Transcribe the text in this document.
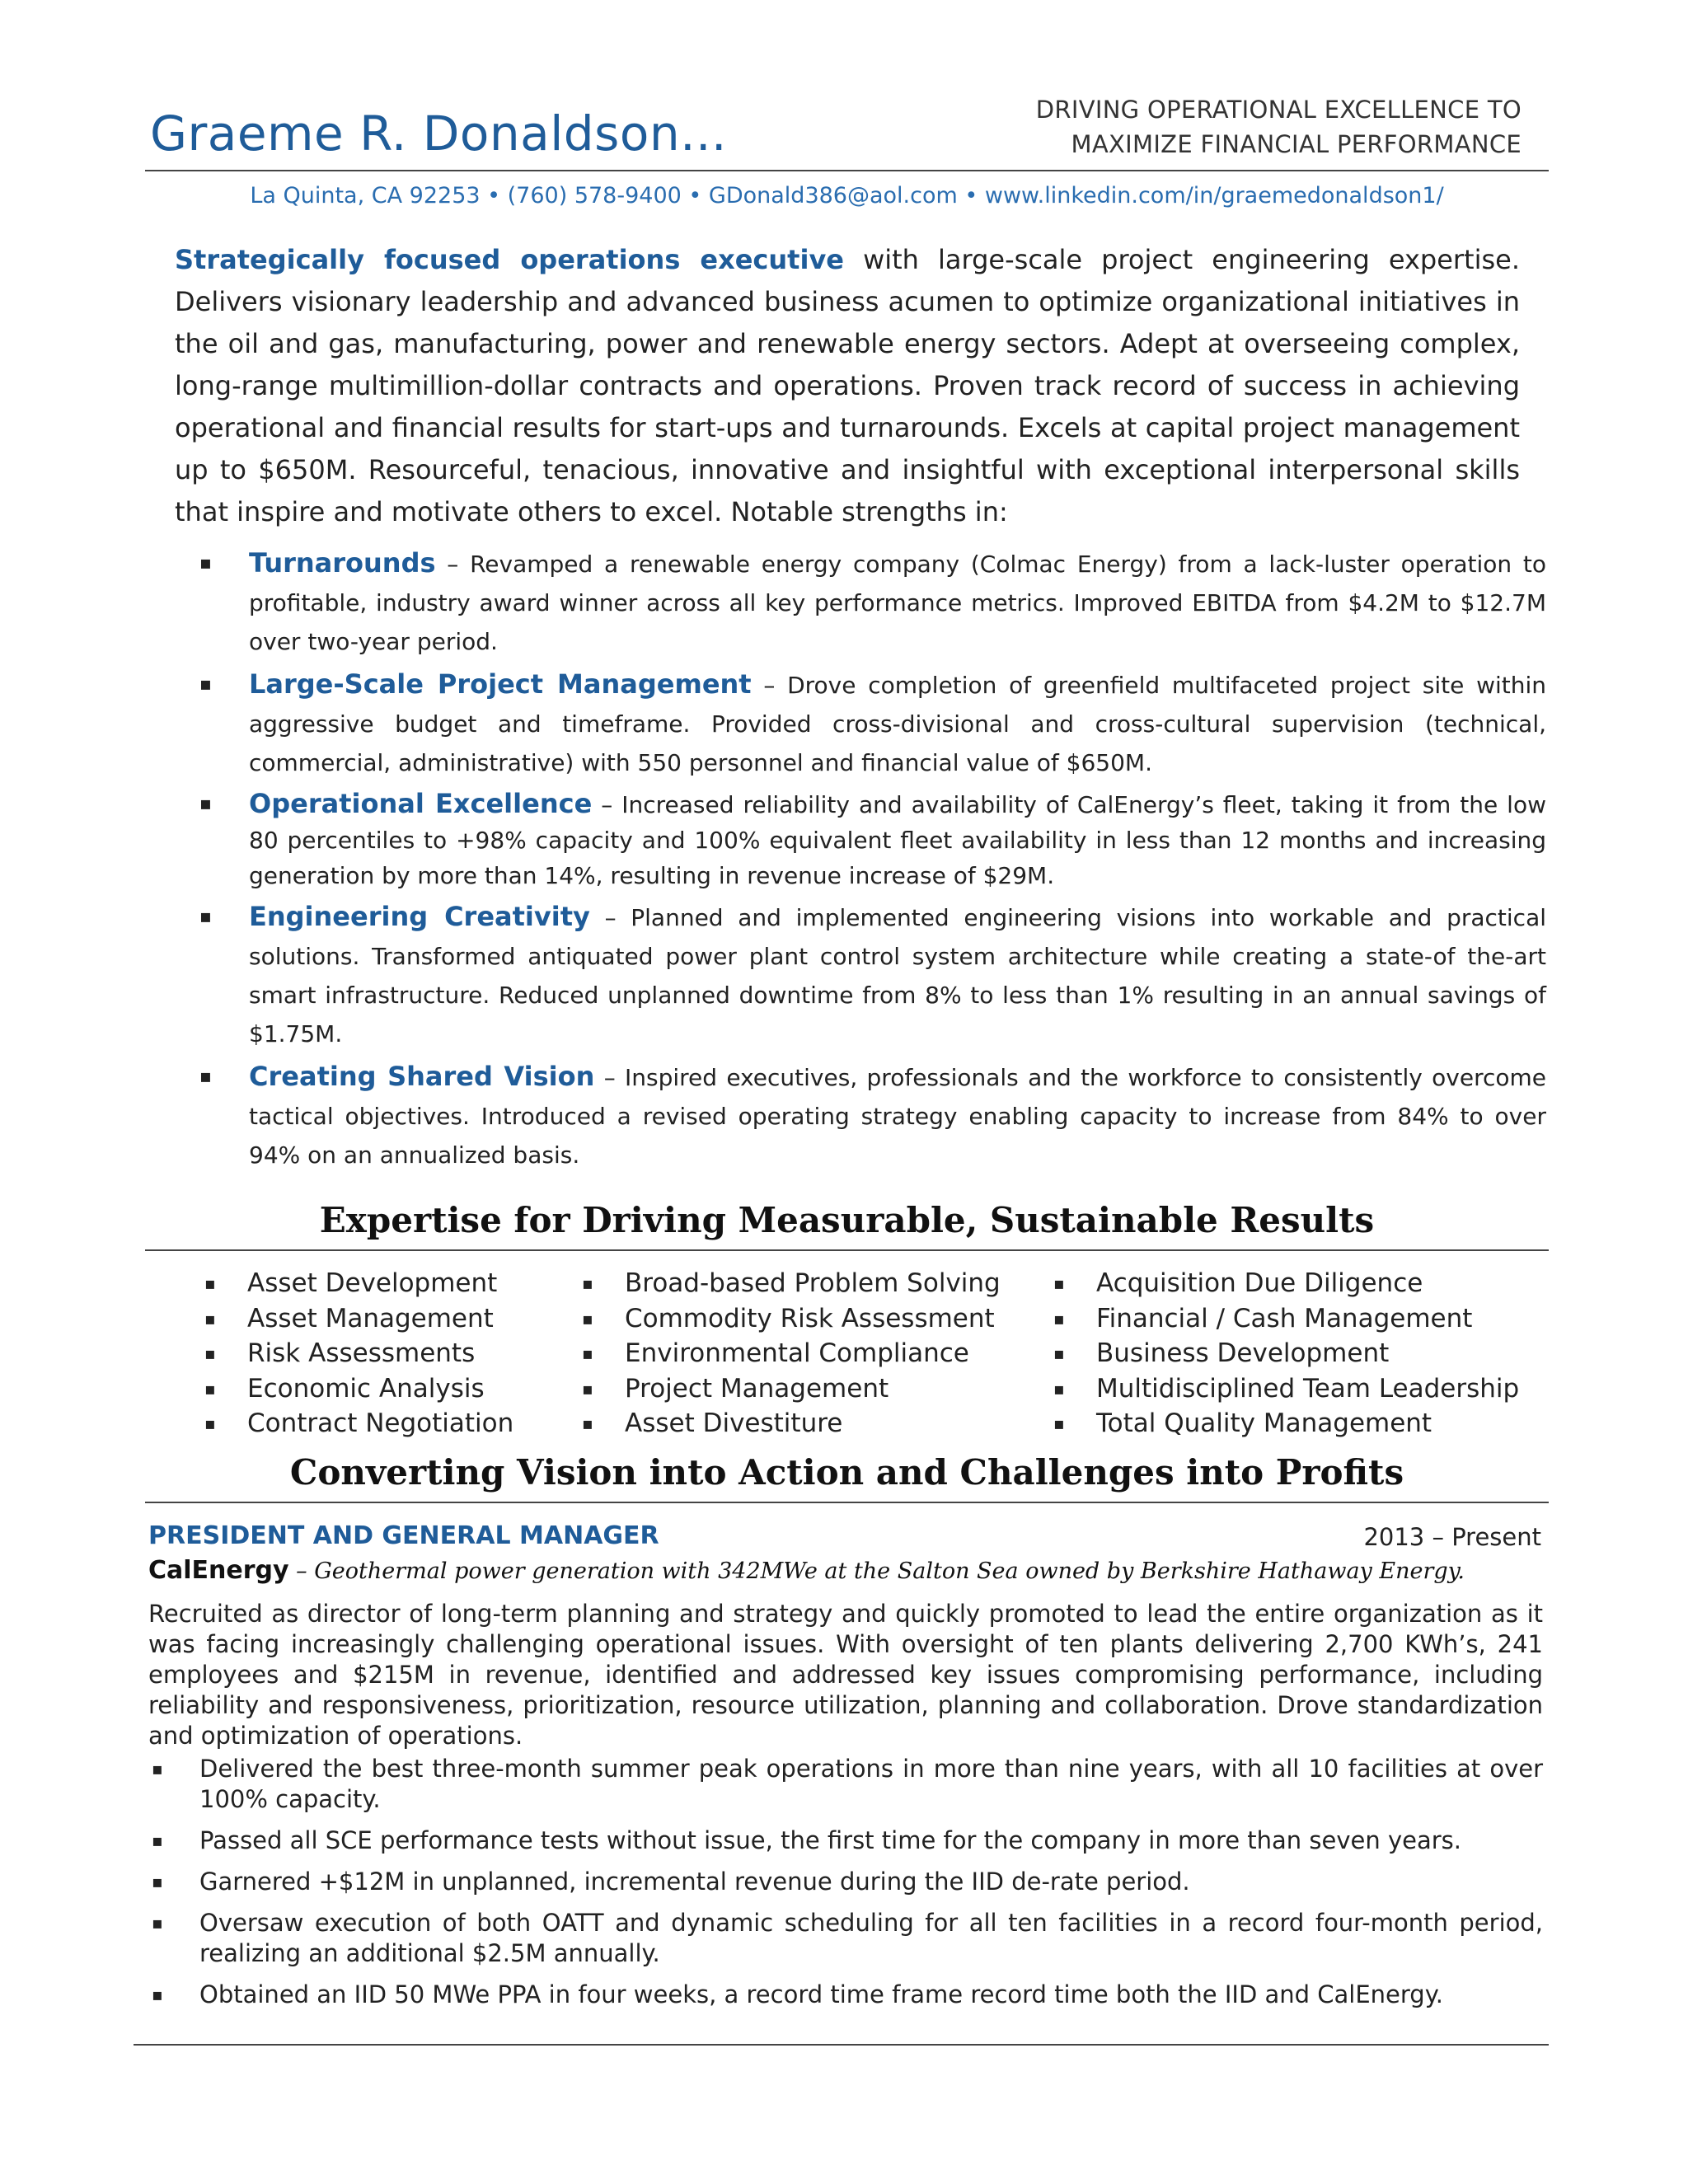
Graeme R. Donaldson...	DRIVING OPERATIONAL EXCELLENCE TO
MAXIMIZE FINANCIAL PERFORMANCE
La Quinta, CA 92253 • (760) 578-9400 • GDonald386@aol.com • www.linkedin.com/in/graemedonaldson1/
Strategically focused operations executive with large-scale project engineering expertise. Delivers visionary leadership and advanced business acumen to optimize organizational initiatives in the oil and gas, manufacturing, power and renewable energy sectors. Adept at overseeing complex, long-range multimillion-dollar contracts and operations. Proven track record of success in achieving operational and financial results for start-ups and turnarounds. Excels at capital project management up to $650M. Resourceful, tenacious, innovative and insightful with exceptional interpersonal skills that inspire and motivate others to excel. Notable strengths in:
▪ Turnarounds – Revamped a renewable energy company (Colmac Energy) from a lack-luster operation to profitable, industry award winner across all key performance metrics. Improved EBITDA from $4.2M to $12.7M over two-year period.
▪ Large-Scale Project Management – Drove completion of greenfield multifaceted project site within aggressive budget and timeframe. Provided cross-divisional and cross-cultural supervision (technical, commercial, administrative) with 550 personnel and financial value of $650M.
▪ Operational Excellence – Increased reliability and availability of CalEnergy’s fleet, taking it from the low 80 percentiles to +98% capacity and 100% equivalent fleet availability in less than 12 months and increasing generation by more than 14%, resulting in revenue increase of $29M.
▪ Engineering Creativity – Planned and implemented engineering visions into workable and practical solutions. Transformed antiquated power plant control system architecture while creating a state-of the-art smart infrastructure. Reduced unplanned downtime from 8% to less than 1% resulting in an annual savings of $1.75M.
▪ Creating Shared Vision – Inspired executives, professionals and the workforce to consistently overcome tactical objectives. Introduced a revised operating strategy enabling capacity to increase from 84% to over 94% on an annualized basis.
Expertise for Driving Measurable, Sustainable Results
▪ Asset Development
▪ Asset Management
▪ Risk Assessments
▪ Economic Analysis
▪ Contract Negotiation
▪ Broad-based Problem Solving
▪ Commodity Risk Assessment
▪ Environmental Compliance
▪ Project Management
▪ Asset Divestiture
▪ Acquisition Due Diligence
▪ Financial / Cash Management
▪ Business Development
▪ Multidisciplined Team Leadership
▪ Total Quality Management
Converting Vision into Action and Challenges into Profits
PRESIDENT AND GENERAL MANAGER	2013 – Present
CalEnergy – Geothermal power generation with 342MWe at the Salton Sea owned by Berkshire Hathaway Energy.
Recruited as director of long-term planning and strategy and quickly promoted to lead the entire organization as it was facing increasingly challenging operational issues. With oversight of ten plants delivering 2,700 KWh’s, 241 employees and $215M in revenue, identified and addressed key issues compromising performance, including reliability and responsiveness, prioritization, resource utilization, planning and collaboration. Drove standardization and optimization of operations.
▪ Delivered the best three-month summer peak operations in more than nine years, with all 10 facilities at over 100% capacity.
▪ Passed all SCE performance tests without issue, the first time for the company in more than seven years.
▪ Garnered +$12M in unplanned, incremental revenue during the IID de-rate period.
▪ Oversaw execution of both OATT and dynamic scheduling for all ten facilities in a record four-month period, realizing an additional $2.5M annually.
▪ Obtained an IID 50 MWe PPA in four weeks, a record time frame record time both the IID and CalEnergy.
